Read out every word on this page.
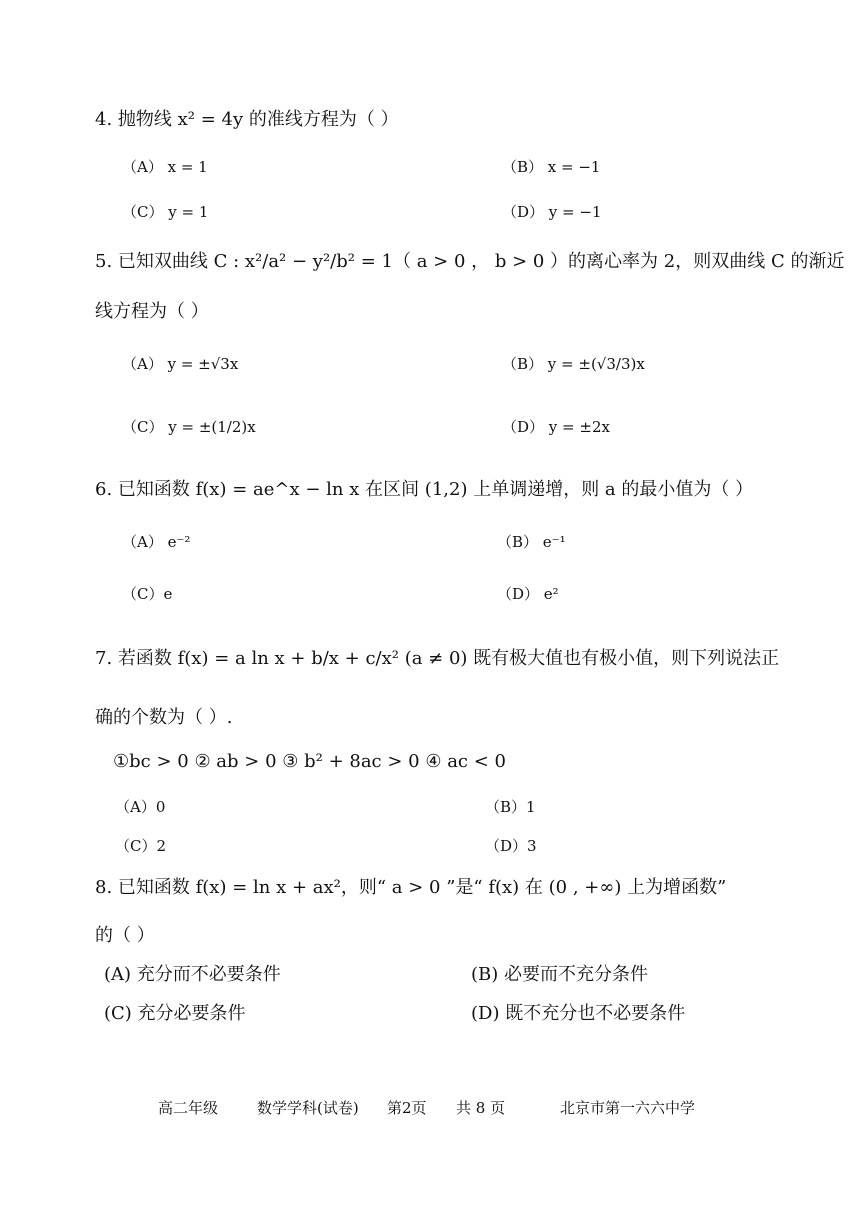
4. 抛物线 x² = 4y 的准线方程为（ ）
（A） x = 1	（B） x = −1
（C） y = 1	（D） y = −1
5. 已知双曲线 C : x²/a² − y²/b² = 1（ a > 0 ， b > 0 ）的离心率为 2，则双曲线 C 的渐近
线方程为（ ）
（A） y = ±√3x	（B） y = ±(√3/3)x
（C） y = ±(1/2)x	（D） y = ±2x
6. 已知函数 f(x) = ae^x − ln x 在区间 (1,2) 上单调递增，则 a 的最小值为（ ）
（A） e⁻²	（B） e⁻¹
（C）e	（D） e²
7. 若函数 f(x) = a ln x + b/x + c/x² (a ≠ 0) 既有极大值也有极小值，则下列说法正
确的个数为（ ）.
①bc > 0 ② ab > 0 ③ b² + 8ac > 0 ④ ac < 0
（A）0	（B）1
（C）2	（D）3
8. 已知函数 f(x) = ln x + ax²，则“ a > 0 ”是“ f(x) 在 (0 , +∞) 上为增函数”
的（ ）
(A) 充分而不必要条件	(B) 必要而不充分条件
(C) 充分必要条件	(D) 既不充分也不必要条件
高二年级	数学学科(试卷) 第2页 共 8 页	北京市第一六六中学
